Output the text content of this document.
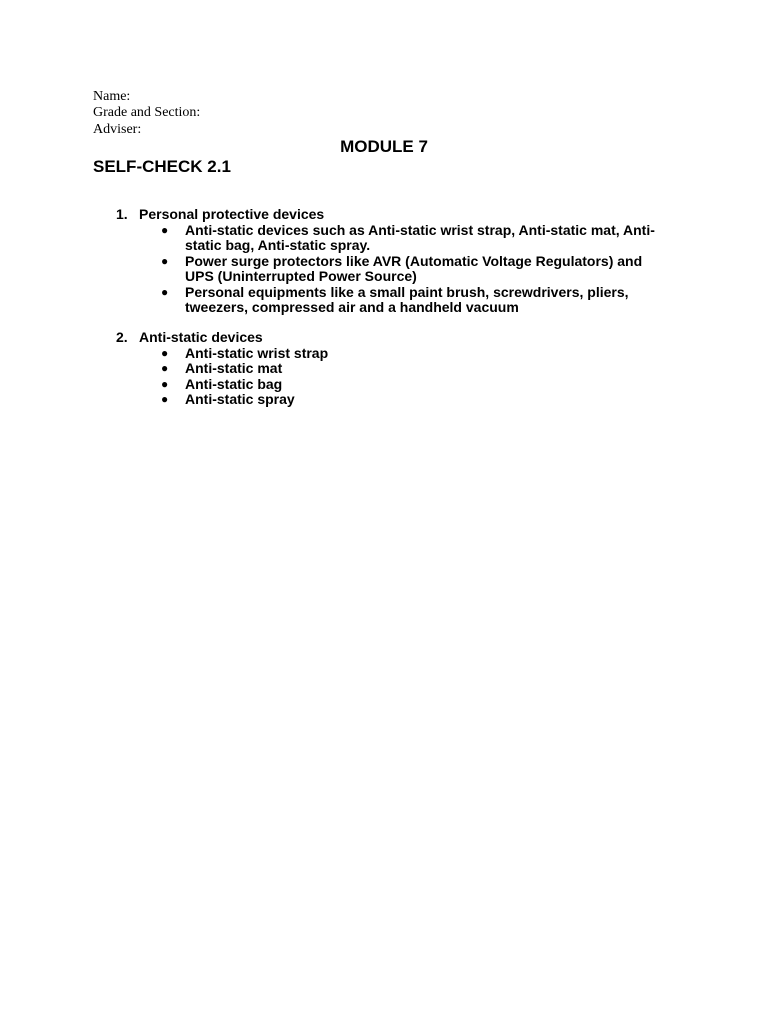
Name:
Grade and Section:
Adviser:
MODULE 7
SELF-CHECK 2.1
1. Personal protective devices
● Anti-static devices such as Anti-static wrist strap, Anti-static mat, Anti-static bag, Anti-static spray.
● Power surge protectors like AVR (Automatic Voltage Regulators) and UPS (Uninterrupted Power Source)
● Personal equipments like a small paint brush, screwdrivers, pliers, tweezers, compressed air and a handheld vacuum
2. Anti-static devices
● Anti-static wrist strap
● Anti-static mat
● Anti-static bag
● Anti-static spray
